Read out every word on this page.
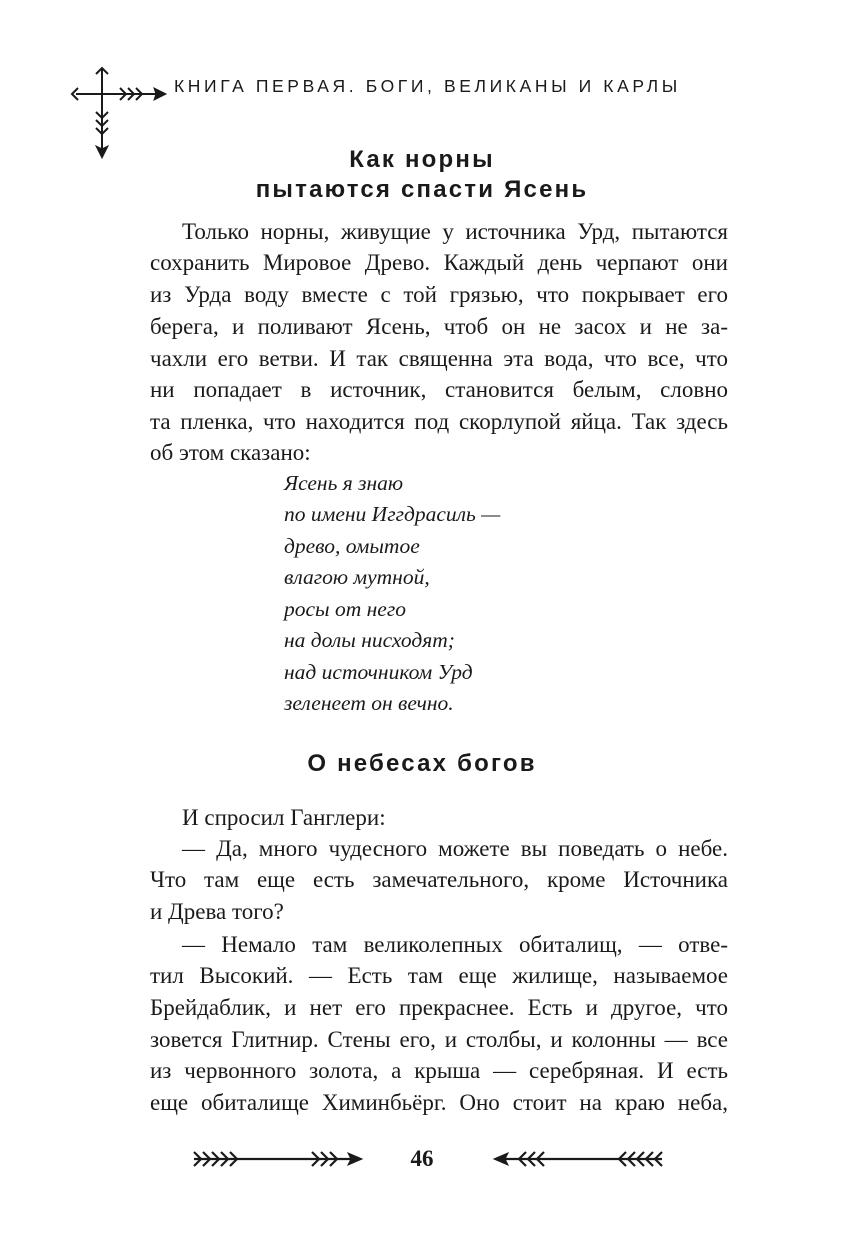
КНИГА ПЕРВАЯ. БОГИ, ВЕЛИКАНЫ И КАРЛЫ
Как норны
пытаются спасти Ясень
Только норны, живущие у источника Урд, пытаются
сохранить Мировое Древо. Каждый день черпают они
из Урда воду вместе с той грязью, что покрывает его
берега, и поливают Ясень, чтоб он не засох и не за-
чахли его ветви. И так священна эта вода, что все, что
ни попадает в источник, становится белым, словно
та пленка, что находится под скорлупой яйца. Так здесь
об этом сказано:
Ясень я знаю
по имени Иггдрасиль —
древо, омытое
влагою мутной,
росы от него
на долы нисходят;
над источником Урд
зеленеет он вечно.
О небесах богов
И спросил Ганглери:
— Да, много чудесного можете вы поведать о небе.
Что там еще есть замечательного, кроме Источника
и Древа того?
— Немало там великолепных обиталищ, — отве-
тил Высокий. — Есть там еще жилище, называемое
Брейдаблик, и нет его прекраснее. Есть и другое, что
зовется Глитнир. Стены его, и столбы, и колонны — все
из червонного золота, а крыша — серебряная. И есть
еще обиталище Химинбьёрг. Оно стоит на краю неба,
46
